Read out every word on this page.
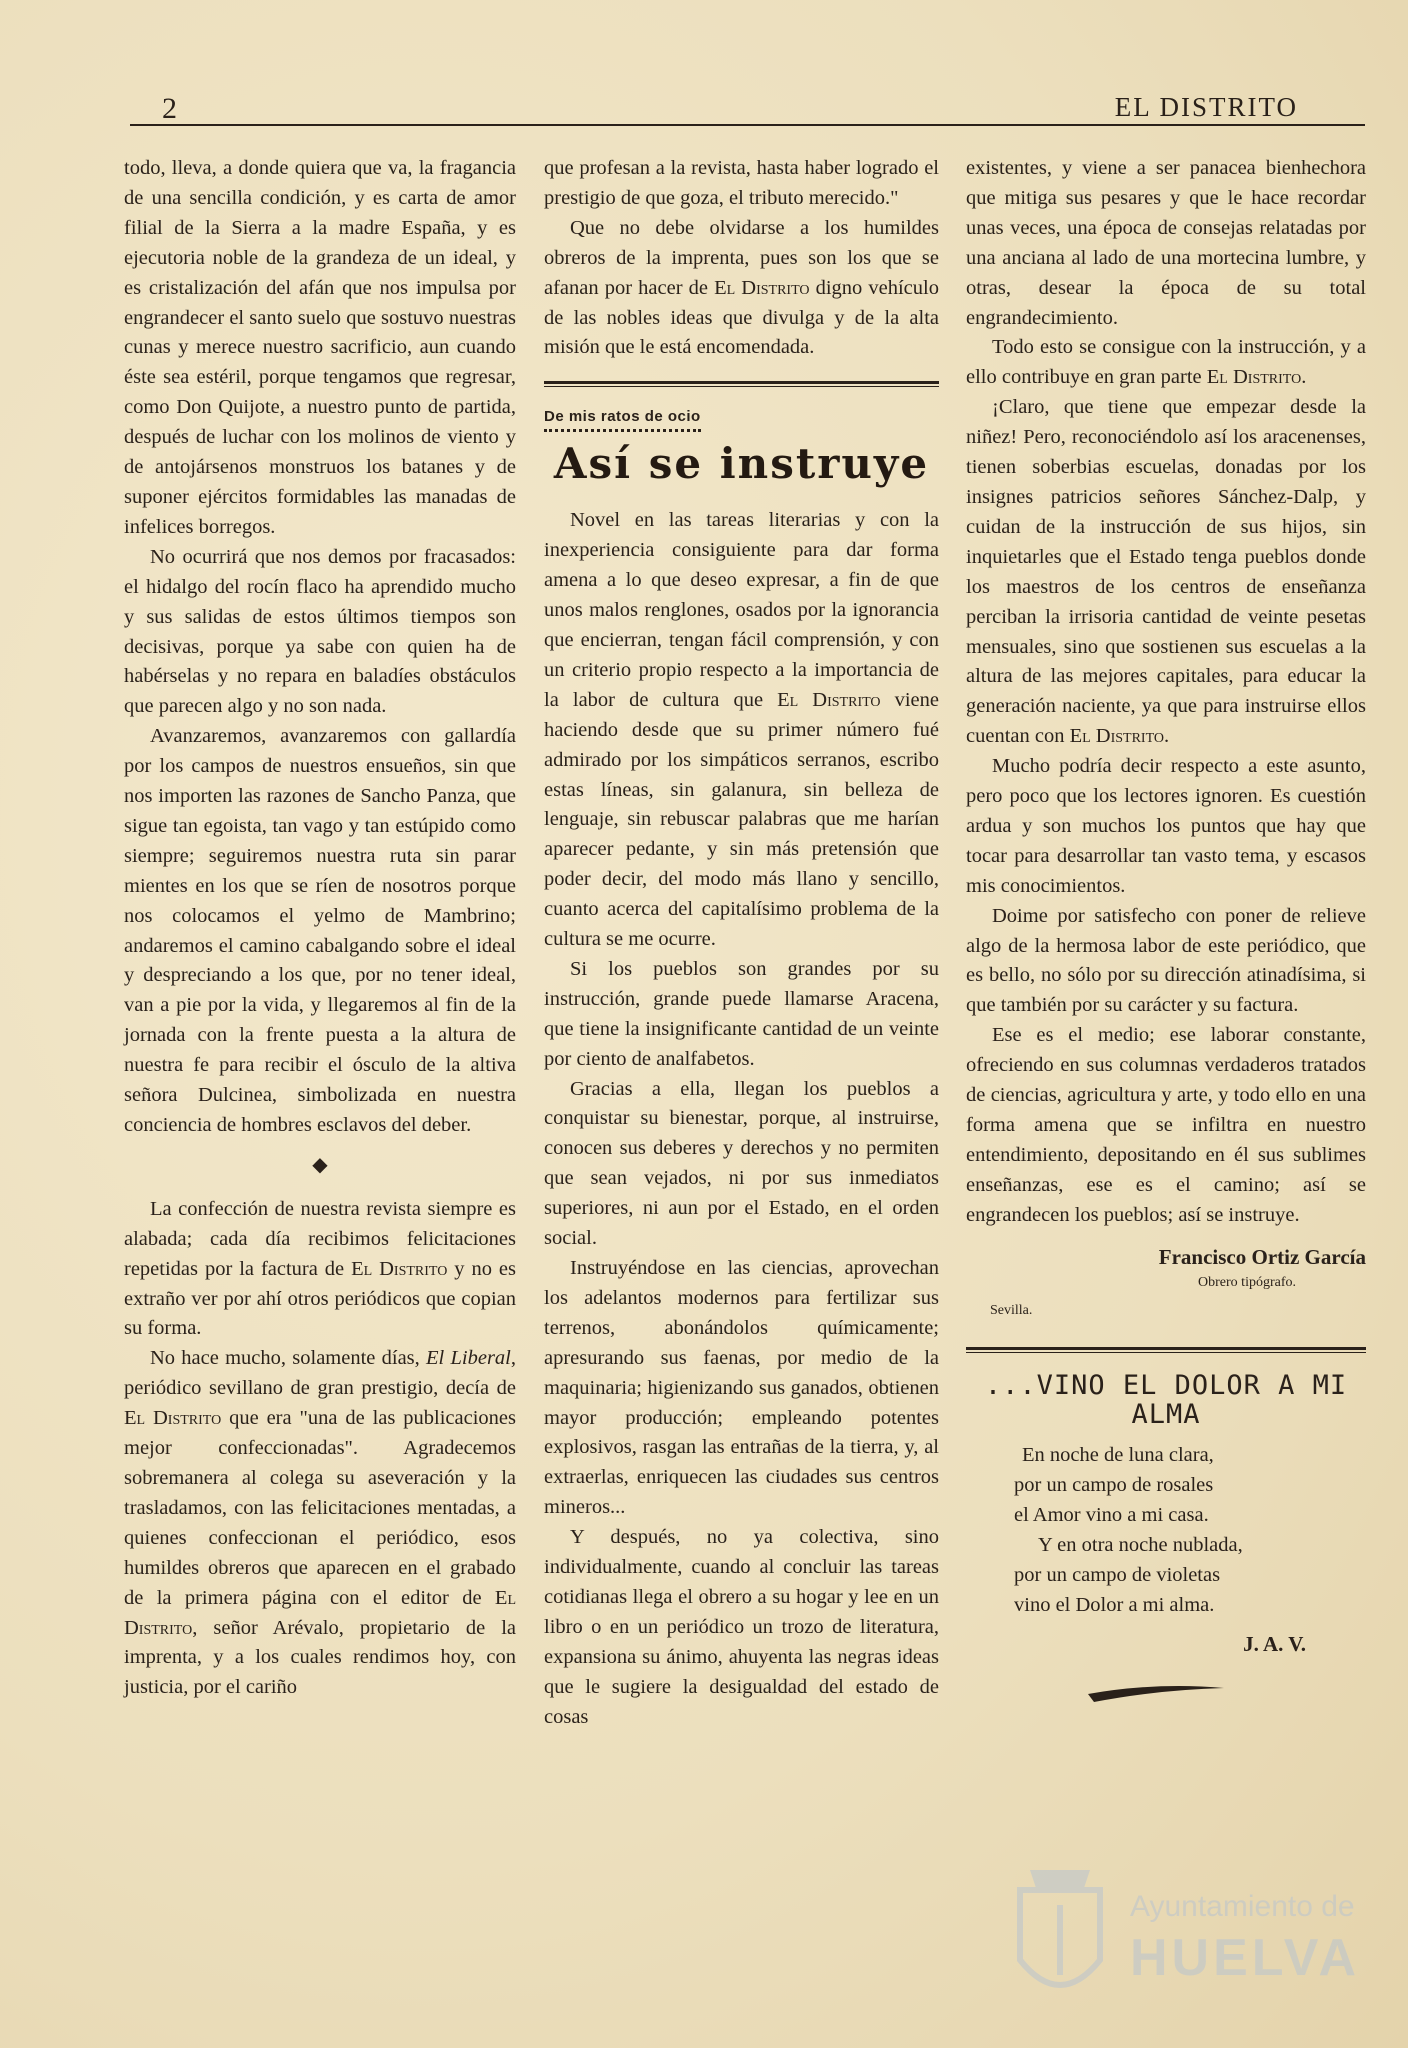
2	EL DISTRITO

todo, lleva, a donde quiera que va, la fragancia de una sencilla condición, y es carta de amor filial de la Sierra a la madre España, y es ejecutoria noble de la grandeza de un ideal, y es cristalización del afán que nos impulsa por engrandecer el santo suelo que sostuvo nuestras cunas y merece nuestro sacrificio, aun cuando éste sea estéril, porque tengamos que regresar, como Don Quijote, a nuestro punto de partida, después de luchar con los molinos de viento y de antojársenos monstruos los batanes y de suponer ejércitos formidables las manadas de infelices borregos.

No ocurrirá que nos demos por fracasados: el hidalgo del rocín flaco ha aprendido mucho y sus salidas de estos últimos tiempos son decisivas, porque ya sabe con quien ha de habérselas y no repara en baladíes obstáculos que parecen algo y no son nada.

Avanzaremos, avanzaremos con gallardía por los campos de nuestros ensueños, sin que nos importen las razones de Sancho Panza, que sigue tan egoista, tan vago y tan estúpido como siempre; seguiremos nuestra ruta sin parar mientes en los que se ríen de nosotros porque nos colocamos el yelmo de Mambrino; andaremos el camino cabalgando sobre el ideal y despreciando a los que, por no tener ideal, van a pie por la vida, y llegaremos al fin de la jornada con la frente puesta a la altura de nuestra fe para recibir el ósculo de la altiva señora Dulcinea, simbolizada en nuestra conciencia de hombres esclavos del deber.

◆

La confección de nuestra revista siempre es alabada; cada día recibimos felicitaciones repetidas por la factura de El Distrito y no es extraño ver por ahí otros periódicos que copian su forma.

No hace mucho, solamente días, El Liberal, periódico sevillano de gran prestigio, decía de El Distrito que era "una de las publicaciones mejor confeccionadas". Agradecemos sobremanera al colega su aseveración y la trasladamos, con las felicitaciones mentadas, a quienes confeccionan el periódico, esos humildes obreros que aparecen en el grabado de la primera página con el editor de El Distrito, señor Arévalo, propietario de la imprenta, y a los cuales rendimos hoy, con justicia, por el cariño

que profesan a la revista, hasta haber logrado el prestigio de que goza, el tributo merecido."

Que no debe olvidarse a los humildes obreros de la imprenta, pues son los que se afanan por hacer de El Distrito digno vehículo de las nobles ideas que divulga y de la alta misión que le está encomendada.

De mis ratos de ocio
Así se instruye

Novel en las tareas literarias y con la inexperiencia consiguiente para dar forma amena a lo que deseo expresar, a fin de que unos malos renglones, osados por la ignorancia que encierran, tengan fácil comprensión, y con un criterio propio respecto a la importancia de la labor de cultura que El Distrito viene haciendo desde que su primer número fué admirado por los simpáticos serranos, escribo estas líneas, sin galanura, sin belleza de lenguaje, sin rebuscar palabras que me harían aparecer pedante, y sin más pretensión que poder decir, del modo más llano y sencillo, cuanto acerca del capitalísimo problema de la cultura se me ocurre.

Si los pueblos son grandes por su instrucción, grande puede llamarse Aracena, que tiene la insignificante cantidad de un veinte por ciento de analfabetos.

Gracias a ella, llegan los pueblos a conquistar su bienestar, porque, al instruirse, conocen sus deberes y derechos y no permiten que sean vejados, ni por sus inmediatos superiores, ni aun por el Estado, en el orden social.

Instruyéndose en las ciencias, aprovechan los adelantos modernos para fertilizar sus terrenos, abonándolos químicamente; apresurando sus faenas, por medio de la maquinaria; higienizando sus ganados, obtienen mayor producción; empleando potentes explosivos, rasgan las entrañas de la tierra, y, al extraerlas, enriquecen las ciudades sus centros mineros...

Y después, no ya colectiva, sino individualmente, cuando al concluir las tareas cotidianas llega el obrero a su hogar y lee en un libro o en un periódico un trozo de literatura, expansiona su ánimo, ahuyenta las negras ideas que le sugiere la desigualdad del estado de cosas

existentes, y viene a ser panacea bienhechora que mitiga sus pesares y que le hace recordar unas veces, una época de consejas relatadas por una anciana al lado de una mortecina lumbre, y otras, desear la época de su total engrandecimiento.

Todo esto se consigue con la instrucción, y a ello contribuye en gran parte El Distrito.

¡Claro, que tiene que empezar desde la niñez! Pero, reconociéndolo así los aracenenses, tienen soberbias escuelas, donadas por los insignes patricios señores Sánchez-Dalp, y cuidan de la instrucción de sus hijos, sin inquietarles que el Estado tenga pueblos donde los maestros de los centros de enseñanza perciban la irrisoria cantidad de veinte pesetas mensuales, sino que sostienen sus escuelas a la altura de las mejores capitales, para educar la generación naciente, ya que para instruirse ellos cuentan con El Distrito.

Mucho podría decir respecto a este asunto, pero poco que los lectores ignoren. Es cuestión ardua y son muchos los puntos que hay que tocar para desarrollar tan vasto tema, y escasos mis conocimientos.

Doime por satisfecho con poner de relieve algo de la hermosa labor de este periódico, que es bello, no sólo por su dirección atinadísima, si que también por su carácter y su factura.

Ese es el medio; ese laborar constante, ofreciendo en sus columnas verdaderos tratados de ciencias, agricultura y arte, y todo ello en una forma amena que se infiltra en nuestro entendimiento, depositando en él sus sublimes enseñanzas, ese es el camino; así se engrandecen los pueblos; así se instruye.

Francisco Ortiz García
Obrero tipógrafo.
Sevilla.
...VINO EL DOLOR A MI ALMA
En noche de luna clara,
por un campo de rosales
el Amor vino a mi casa.
Y en otra noche nublada,
por un campo de violetas
vino el Dolor a mi alma.
J. A. V.
Ayuntamiento de
HUELVA
